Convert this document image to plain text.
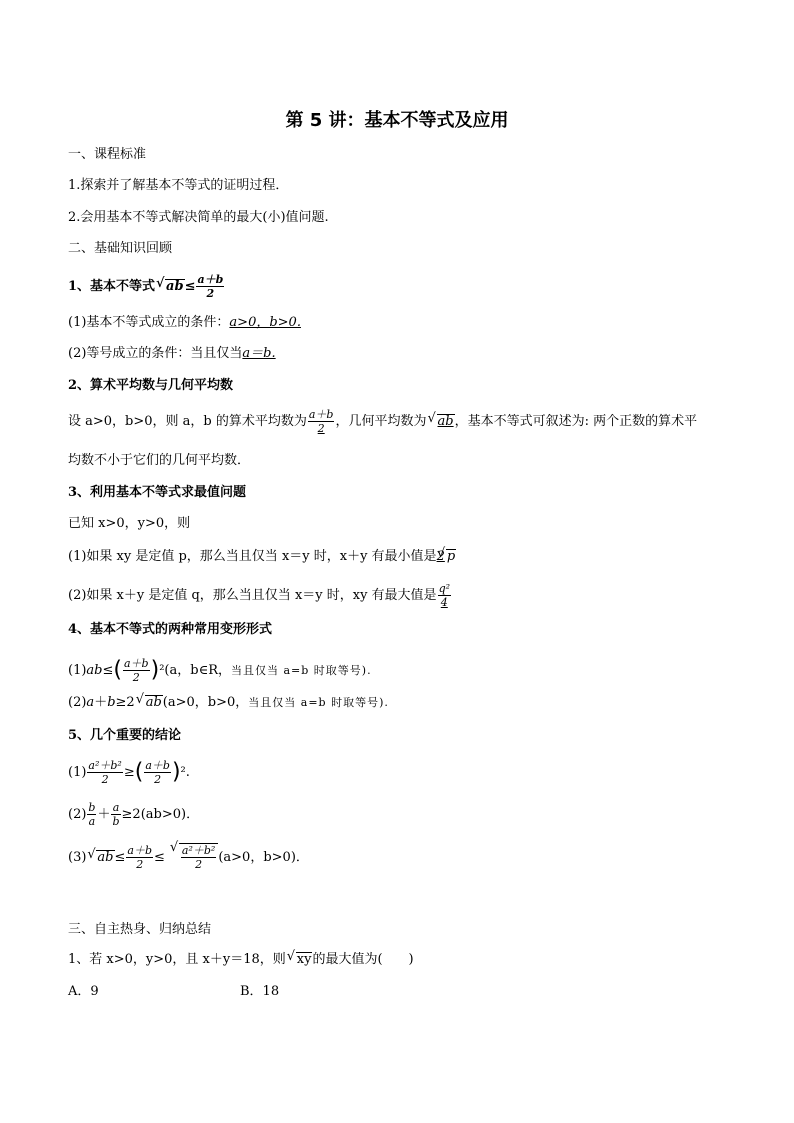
第 5 讲：基本不等式及应用
一、课程标准
1.探索并了解基本不等式的证明过程．
2.会用基本不等式解决简单的最大(小)值问题.
二、基础知识回顾
1、基本不等式 √ $ab\le \frac{a+b}{2}$
(1)基本不等式成立的条件：a>0，b>0.
(2)等号成立的条件：当且仅当a＝b.
2、算术平均数与几何平均数
设 a>0，b>0，则 a，b 的算术平均数为 $\frac{a+b}{2}$ ，几何平均数为 √ ab，基本不等式可叙述为: 两个正数的算术平
均数不小于它们的几何平均数．
3、利用基本不等式求最值问题
已知 x>0，y>0，则
(1)如果 xy 是定值 p，那么当且仅当 x＝y 时，x＋y 有最小值是2 √ p
(2)如果 x＋y 是定值 q，那么当且仅当 x＝y 时，xy 有最大值是 $\frac{\text{q²}}{4}$
4、基本不等式的两种常用变形形式
$(1)ab\le( \frac{a+b}{2} )^2(a$，b∈R，当且仅当 a=b 时取等号).
(2)a＋b≥2 √ ab(a>0，b>0，当且仅当 a=b 时取等号).
5、几个重要的结论
$(1) \frac{\text{a²＋b²}}{2}$ ≥( $\frac{a+b}{2} )^2$.
$(2) \frac{b}{a} + \frac{a}{b} \ge 2(ab>0)$．
(3) √ $ab\le \frac{a+b}{2}$ ≤ √ $\frac{\text{a²＋b²}}{2} (a>0$，b>0)．
三、自主热身、归纳总结
1、若 x>0，y>0，且 x＋y＝18，则 √ xy的最大值为(　　)
A．9	B．18
